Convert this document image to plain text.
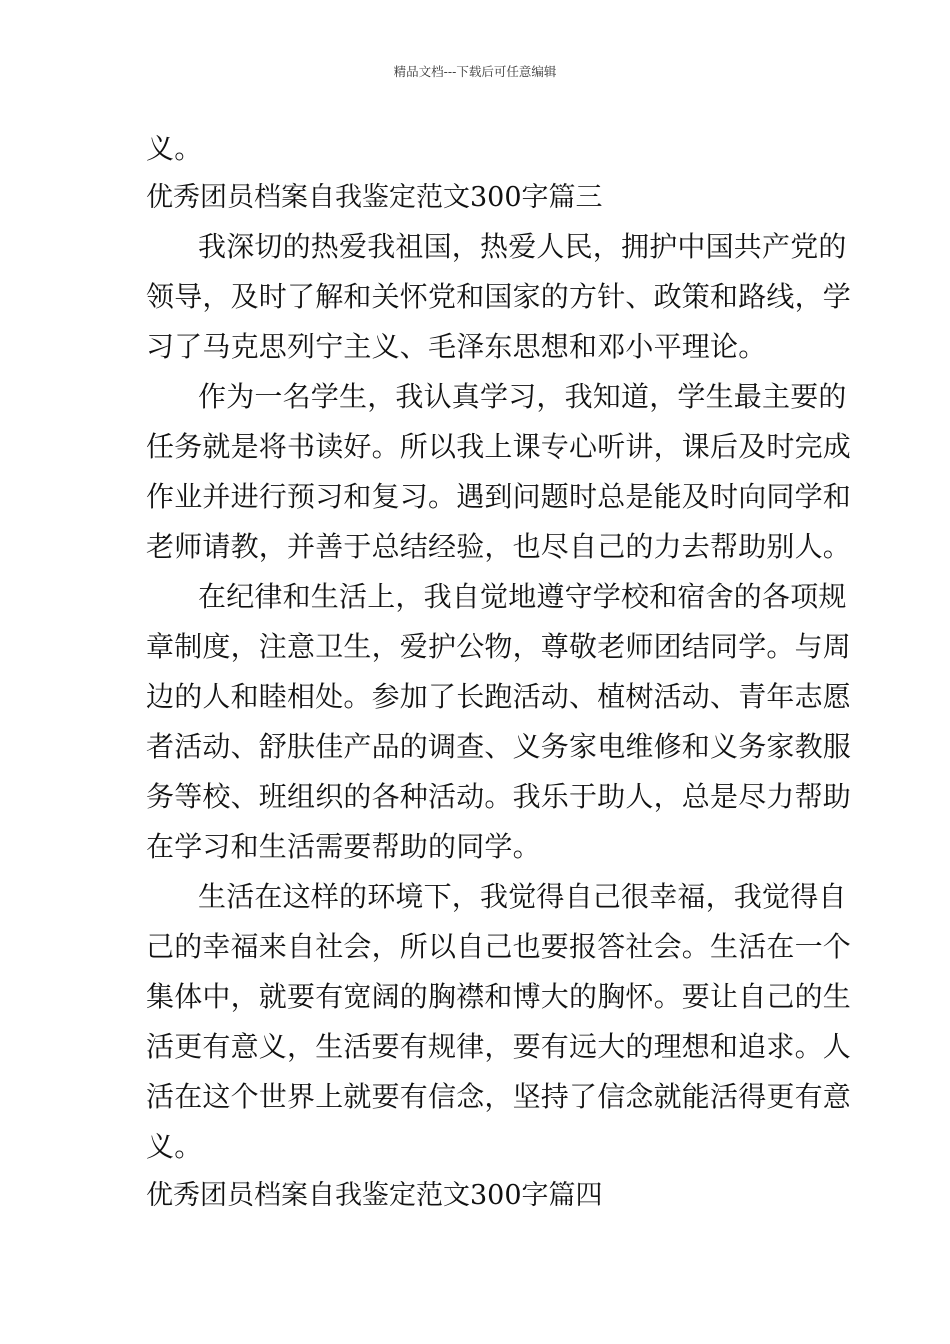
精品文档---下载后可任意编辑
义。
优秀团员档案自我鉴定范文300字篇三
我深切的热爱我祖国，热爱人民，拥护中国共产党的
领导，及时了解和关怀党和国家的方针、政策和路线，学
习了马克思列宁主义、毛泽东思想和邓小平理论。
作为一名学生，我认真学习，我知道，学生最主要的
任务就是将书读好。所以我上课专心听讲，课后及时完成
作业并进行预习和复习。遇到问题时总是能及时向同学和
老师请教，并善于总结经验，也尽自己的力去帮助别人。
在纪律和生活上，我自觉地遵守学校和宿舍的各项规
章制度，注意卫生，爱护公物，尊敬老师团结同学。与周
边的人和睦相处。参加了长跑活动、植树活动、青年志愿
者活动、舒肤佳产品的调查、义务家电维修和义务家教服
务等校、班组织的各种活动。我乐于助人，总是尽力帮助
在学习和生活需要帮助的同学。
生活在这样的环境下，我觉得自己很幸福，我觉得自
己的幸福来自社会，所以自己也要报答社会。生活在一个
集体中，就要有宽阔的胸襟和博大的胸怀。要让自己的生
活更有意义，生活要有规律，要有远大的理想和追求。人
活在这个世界上就要有信念，坚持了信念就能活得更有意
义。
优秀团员档案自我鉴定范文300字篇四
